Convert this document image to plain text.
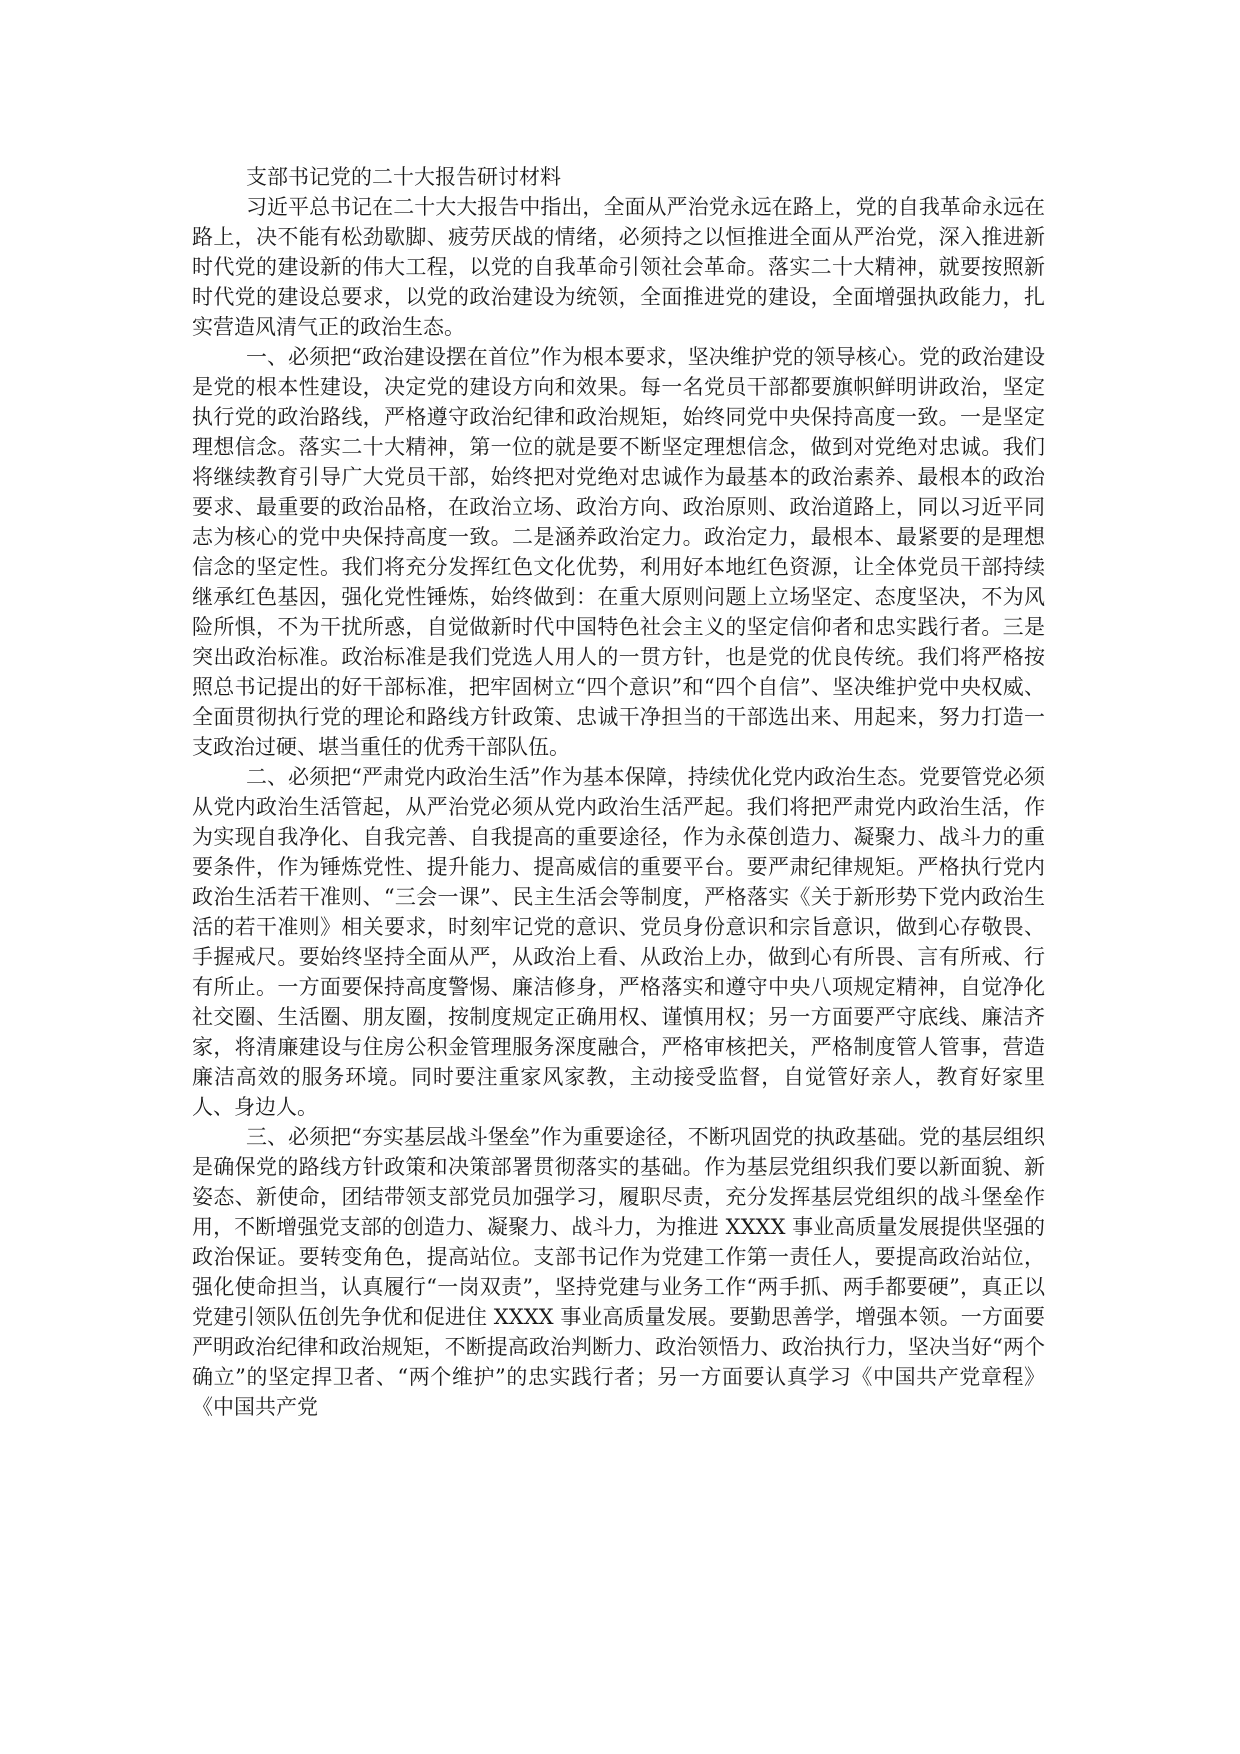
支部书记党的二十大报告研讨材料

习近平总书记在二十大大报告中指出，全面从严治党永远在路上，党的自我革命永远在路上，决不能有松劲歇脚、疲劳厌战的情绪，必须持之以恒推进全面从严治党，深入推进新时代党的建设新的伟大工程，以党的自我革命引领社会革命。落实二十大精神，就要按照新时代党的建设总要求，以党的政治建设为统领，全面推进党的建设，全面增强执政能力，扎实营造风清气正的政治生态。

一、必须把“政治建设摆在首位”作为根本要求，坚决维护党的领导核心。党的政治建设是党的根本性建设，决定党的建设方向和效果。每一名党员干部都要旗帜鲜明讲政治，坚定执行党的政治路线，严格遵守政治纪律和政治规矩，始终同党中央保持高度一致。一是坚定理想信念。落实二十大精神，第一位的就是要不断坚定理想信念，做到对党绝对忠诚。我们将继续教育引导广大党员干部，始终把对党绝对忠诚作为最基本的政治素养、最根本的政治要求、最重要的政治品格，在政治立场、政治方向、政治原则、政治道路上，同以习近平同志为核心的党中央保持高度一致。二是涵养政治定力。政治定力，最根本、最紧要的是理想信念的坚定性。我们将充分发挥红色文化优势，利用好本地红色资源，让全体党员干部持续继承红色基因，强化党性锤炼，始终做到：在重大原则问题上立场坚定、态度坚决，不为风险所惧，不为干扰所惑，自觉做新时代中国特色社会主义的坚定信仰者和忠实践行者。三是突出政治标准。政治标准是我们党选人用人的一贯方针，也是党的优良传统。我们将严格按照总书记提出的好干部标准，把牢固树立“四个意识”和“四个自信”、坚决维护党中央权威、全面贯彻执行党的理论和路线方针政策、忠诚干净担当的干部选出来、用起来，努力打造一支政治过硬、堪当重任的优秀干部队伍。

二、必须把“严肃党内政治生活”作为基本保障，持续优化党内政治生态。党要管党必须从党内政治生活管起，从严治党必须从党内政治生活严起。我们将把严肃党内政治生活，作为实现自我净化、自我完善、自我提高的重要途径，作为永葆创造力、凝聚力、战斗力的重要条件，作为锤炼党性、提升能力、提高威信的重要平台。要严肃纪律规矩。严格执行党内政治生活若干准则、“三会一课”、民主生活会等制度，严格落实《关于新形势下党内政治生活的若干准则》相关要求，时刻牢记党的意识、党员身份意识和宗旨意识，做到心存敬畏、手握戒尺。要始终坚持全面从严，从政治上看、从政治上办，做到心有所畏、言有所戒、行有所止。一方面要保持高度警惕、廉洁修身，严格落实和遵守中央八项规定精神，自觉净化社交圈、生活圈、朋友圈，按制度规定正确用权、谨慎用权；另一方面要严守底线、廉洁齐家，将清廉建设与住房公积金管理服务深度融合，严格审核把关，严格制度管人管事，营造廉洁高效的服务环境。同时要注重家风家教，主动接受监督，自觉管好亲人，教育好家里人、身边人。

三、必须把“夯实基层战斗堡垒”作为重要途径，不断巩固党的执政基础。党的基层组织是确保党的路线方针政策和决策部署贯彻落实的基础。作为基层党组织我们要以新面貌、新姿态、新使命，团结带领支部党员加强学习，履职尽责，充分发挥基层党组织的战斗堡垒作用，不断增强党支部的创造力、凝聚力、战斗力，为推进 XXXX 事业高质量发展提供坚强的政治保证。要转变角色，提高站位。支部书记作为党建工作第一责任人，要提高政治站位，强化使命担当，认真履行“一岗双责”，坚持党建与业务工作“两手抓、两手都要硬”，真正以党建引领队伍创先争优和促进住 XXXX 事业高质量发展。要勤思善学，增强本领。一方面要严明政治纪律和政治规矩，不断提高政治判断力、政治领悟力、政治执行力，坚决当好“两个确立”的坚定捍卫者、“两个维护”的忠实践行者；另一方面要认真学习《中国共产党章程》《中国共产党
